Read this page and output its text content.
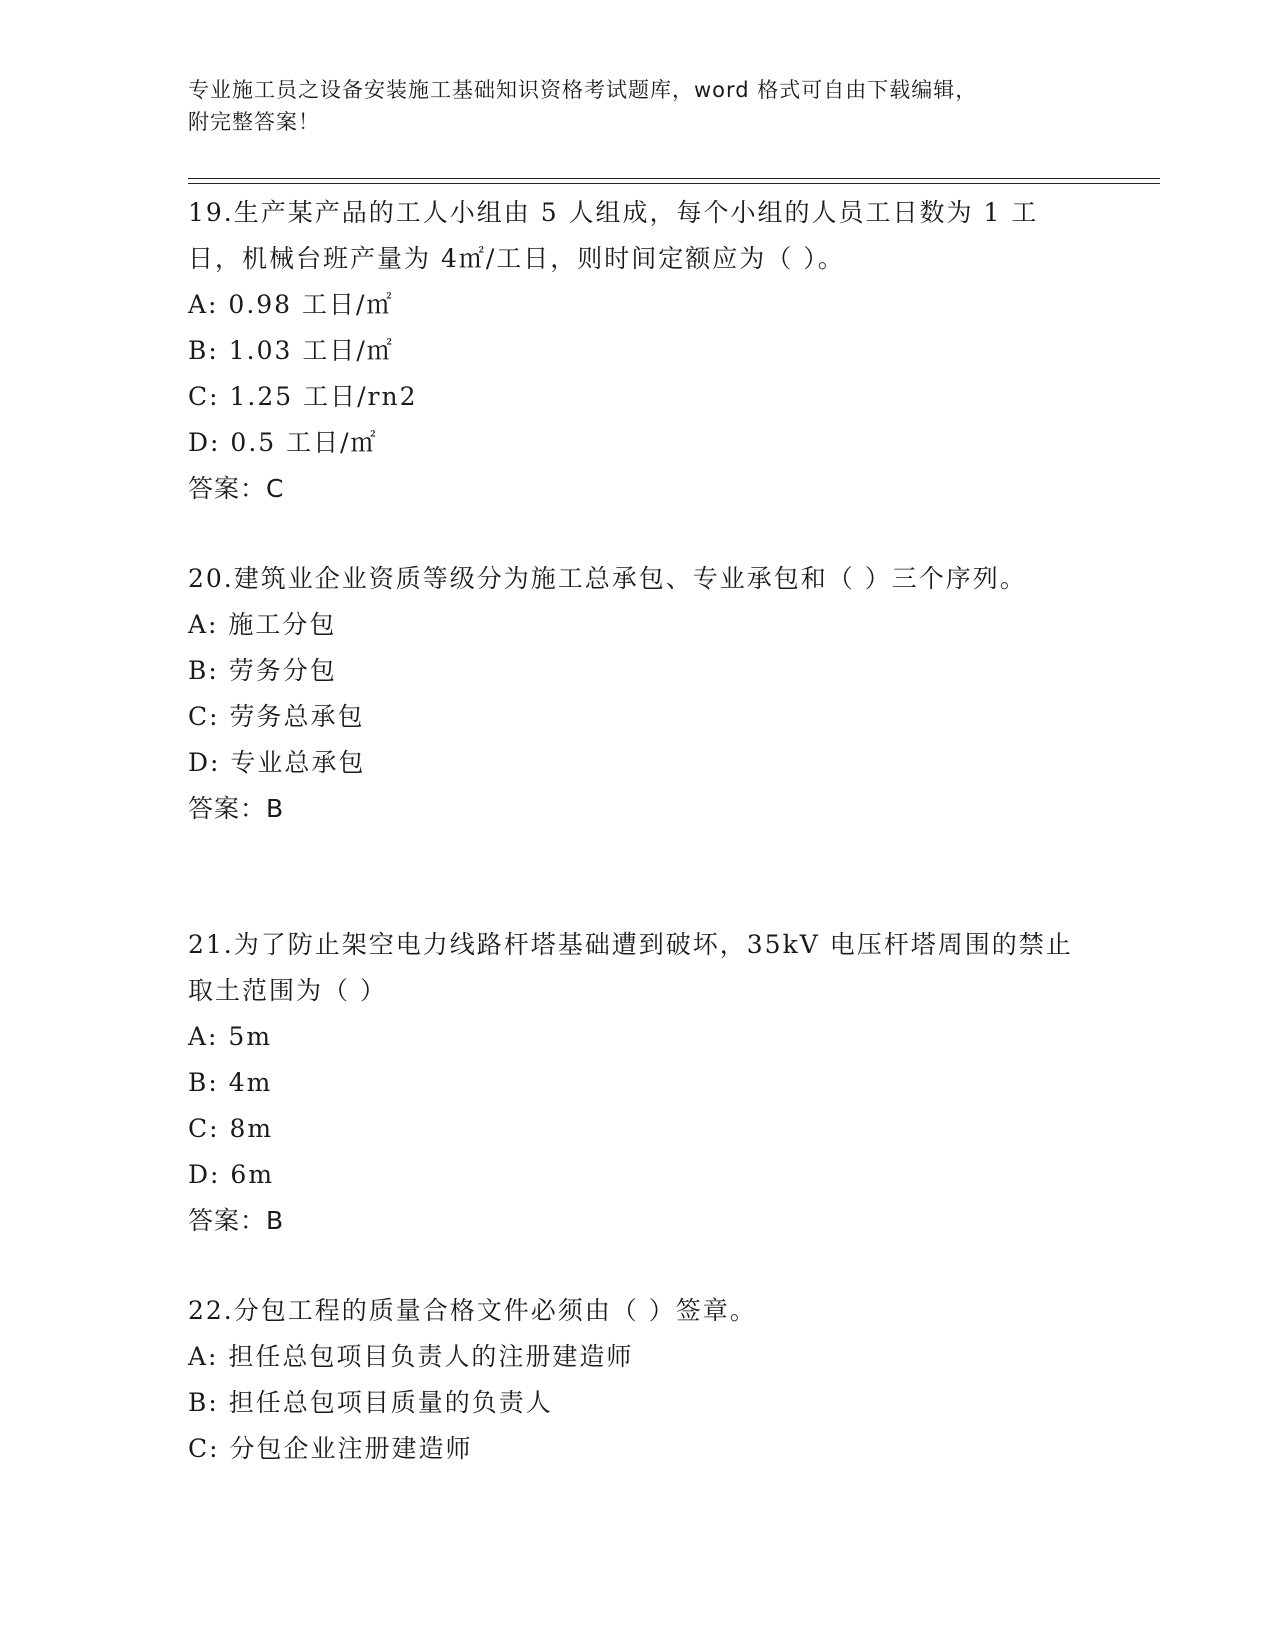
专业施工员之设备安装施工基础知识资格考试题库，word 格式可自由下载编辑，
附完整答案！
19.生产某产品的工人小组由 5 人组成，每个小组的人员工日数为 1 工日，机械台班产量为 4㎡/工日，则时间定额应为（ ）。
A: 0.98 工日/㎡
B: 1.03 工日/㎡
C: 1.25 工日/rn2
D: 0.5 工日/㎡
答案：C
20.建筑业企业资质等级分为施工总承包、专业承包和（ ）三个序列。
A: 施工分包
B: 劳务分包
C: 劳务总承包
D: 专业总承包
答案：B
21.为了防止架空电力线路杆塔基础遭到破坏，35kV 电压杆塔周围的禁止取土范围为（ ）
A: 5m
B: 4m
C: 8m
D: 6m
答案：B
22.分包工程的质量合格文件必须由（ ）签章。
A: 担任总包项目负责人的注册建造师
B: 担任总包项目质量的负责人
C: 分包企业注册建造师
